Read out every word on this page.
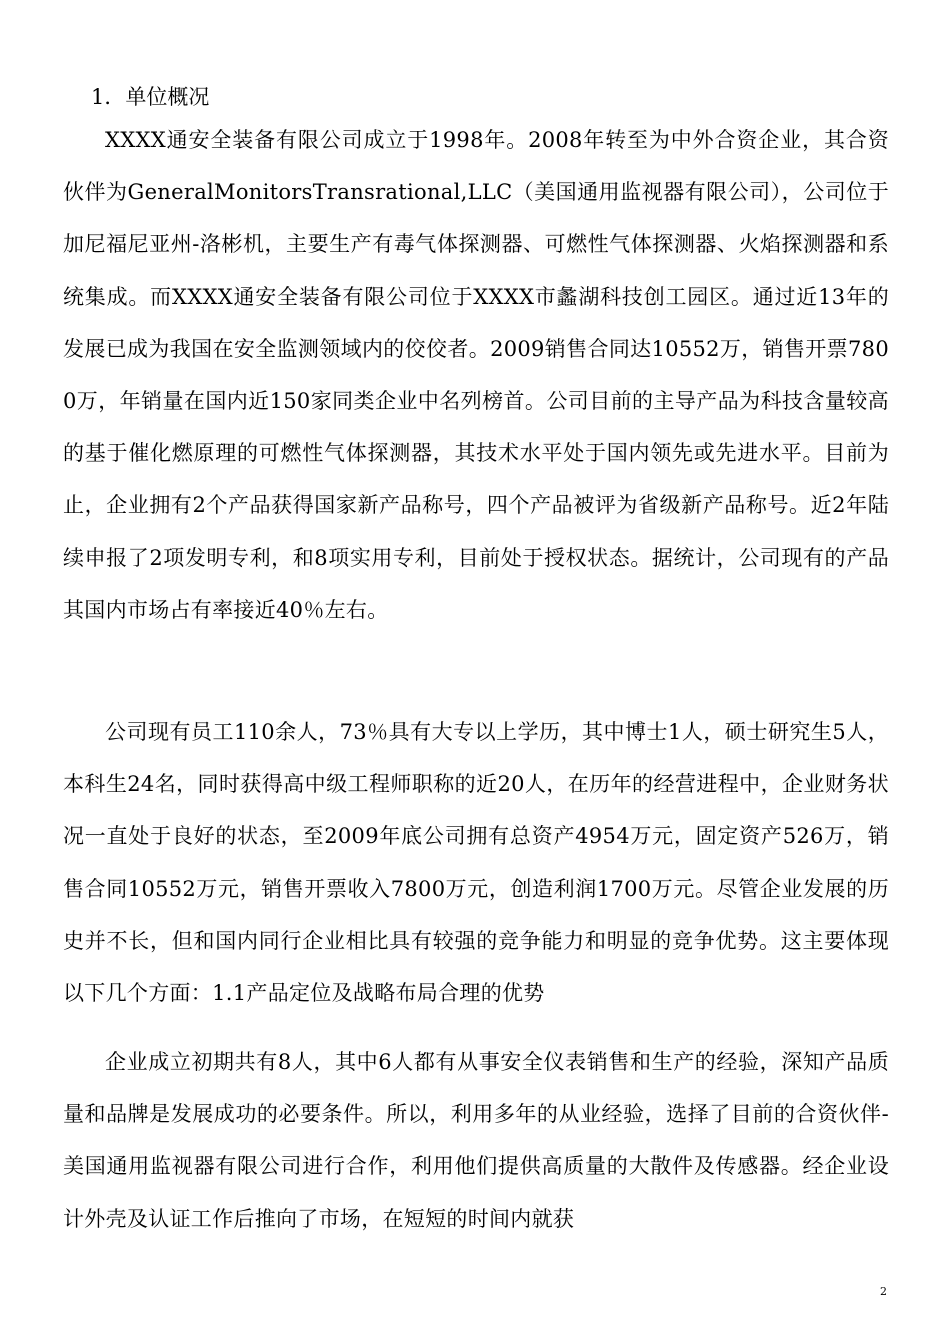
1．单位概况

XXXX通安全装备有限公司成立于1998年。2008年转至为中外合资企业，其合资伙伴为GeneralMonitorsTransrational,LLC（美国通用监视器有限公司），公司位于加尼福尼亚州-洛彬机，主要生产有毒气体探测器、可燃性气体探测器、火焰探测器和系统集成。而XXXX通安全装备有限公司位于XXXX市蠡湖科技创工园区。通过近13年的发展已成为我国在安全监测领域内的佼佼者。2009销售合同达10552万，销售开票7800万，年销量在国内近150家同类企业中名列榜首。公司目前的主导产品为科技含量较高的基于催化燃原理的可燃性气体探测器，其技术水平处于国内领先或先进水平。目前为止，企业拥有2个产品获得国家新产品称号，四个产品被评为省级新产品称号。近2年陆续申报了2项发明专利，和8项实用专利，目前处于授权状态。据统计，公司现有的产品其国内市场占有率接近40％左右。

公司现有员工110余人，73％具有大专以上学历，其中博士1人，硕士研究生5人，本科生24名，同时获得高中级工程师职称的近20人，在历年的经营进程中，企业财务状况一直处于良好的状态，至2009年底公司拥有总资产4954万元，固定资产526万，销售合同10552万元，销售开票收入7800万元，创造利润1700万元。尽管企业发展的历史并不长，但和国内同行企业相比具有较强的竞争能力和明显的竞争优势。这主要体现以下几个方面：1.1产品定位及战略布局合理的优势

企业成立初期共有8人，其中6人都有从事安全仪表销售和生产的经验，深知产品质量和品牌是发展成功的必要条件。所以，利用多年的从业经验，选择了目前的合资伙伴-美国通用监视器有限公司进行合作，利用他们提供高质量的大散件及传感器。经企业设计外壳及认证工作后推向了市场，在短短的时间内就获

2
